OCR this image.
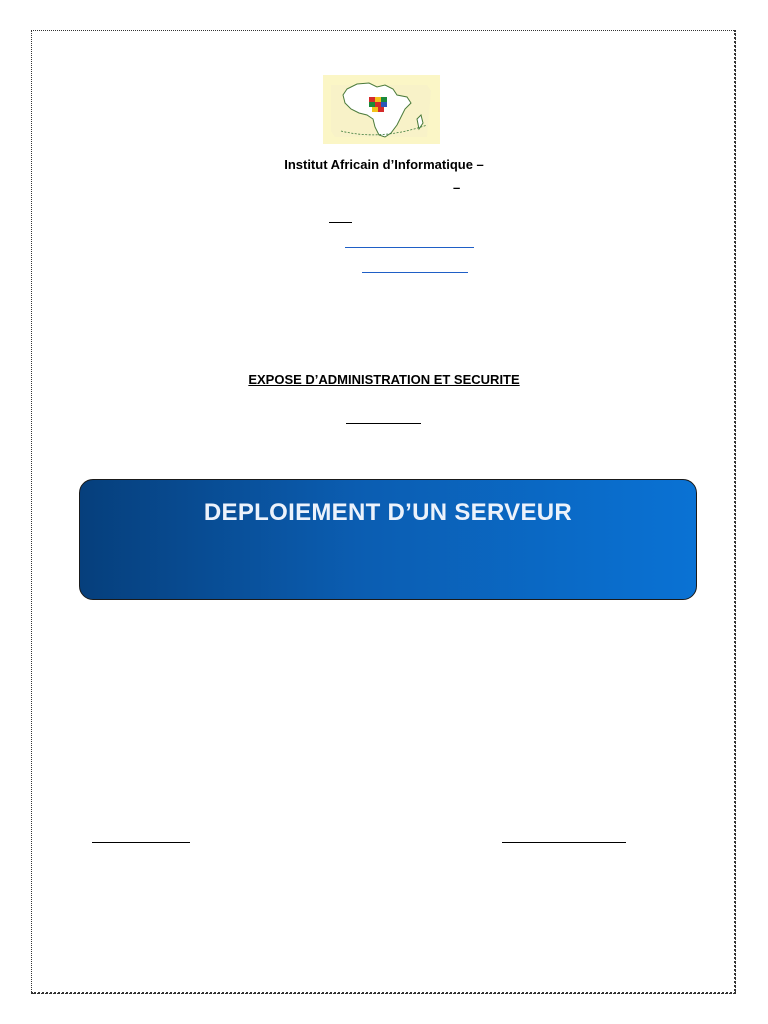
Institut Africain d’Informatique –
–
EXPOSE D’ADMINISTRATION ET SECURITE
DEPLOIEMENT D’UN SERVEUR
